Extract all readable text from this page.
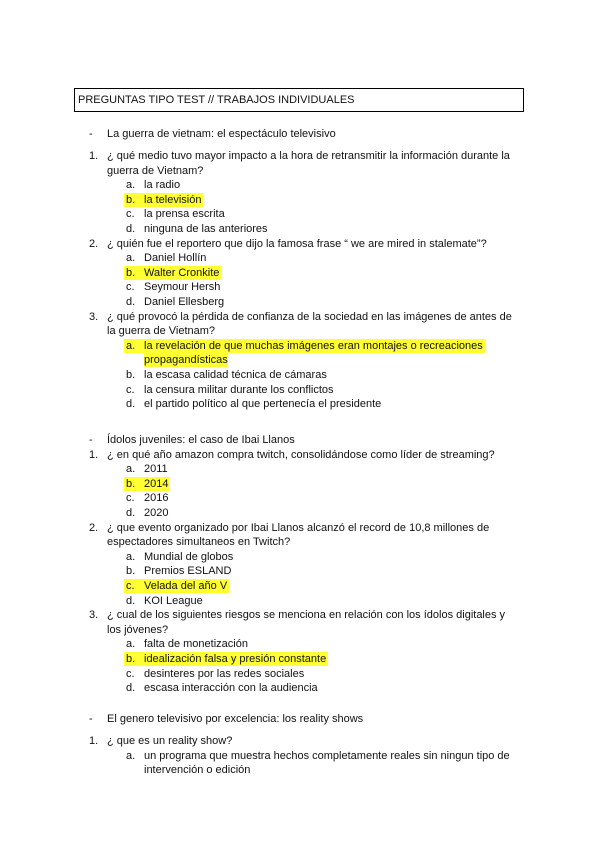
PREGUNTAS TIPO TEST // TRABAJOS INDIVIDUALES
- La guerra de vietnam: el espectáculo televisivo
1. ¿ qué medio tuvo mayor impacto a la hora de retransmitir la información durante la
guerra de Vietnam?
a. la radio
b. la televisión
c. la prensa escrita
d. ninguna de las anteriores
2. ¿ quién fue el reportero que dijo la famosa frase “ we are mired in stalemate”?
a. Daniel Hollín
b. Walter Cronkite
c. Seymour Hersh
d. Daniel Ellesberg
3. ¿ qué provocó la pérdida de confianza de la sociedad en las imágenes de antes de
la guerra de Vietnam?
a. la revelación de que muchas imágenes eran montajes o recreaciones
propagandísticas
b. la escasa calidad técnica de cámaras
c. la censura militar durante los conflictos
d. el partido político al que pertenecía el presidente
- Ídolos juveniles: el caso de Ibai Llanos
1. ¿ en qué año amazon compra twitch, consolidándose como líder de streaming?
a. 2011
b. 2014
c. 2016
d. 2020
2. ¿ que evento organizado por Ibai Llanos alcanzó el record de 10,8 millones de
espectadores simultaneos en Twitch?
a. Mundial de globos
b. Premios ESLAND
c. Velada del año V
d. KOI League
3. ¿ cual de los siguientes riesgos se menciona en relación con los ídolos digitales y
los jóvenes?
a. falta de monetización
b. idealización falsa y presión constante
c. desinteres por las redes sociales
d. escasa interacción con la audiencia
- El genero televisivo por excelencia: los reality shows
1. ¿ que es un reality show?
a. un programa que muestra hechos completamente reales sin ningun tipo de
intervención o edición
